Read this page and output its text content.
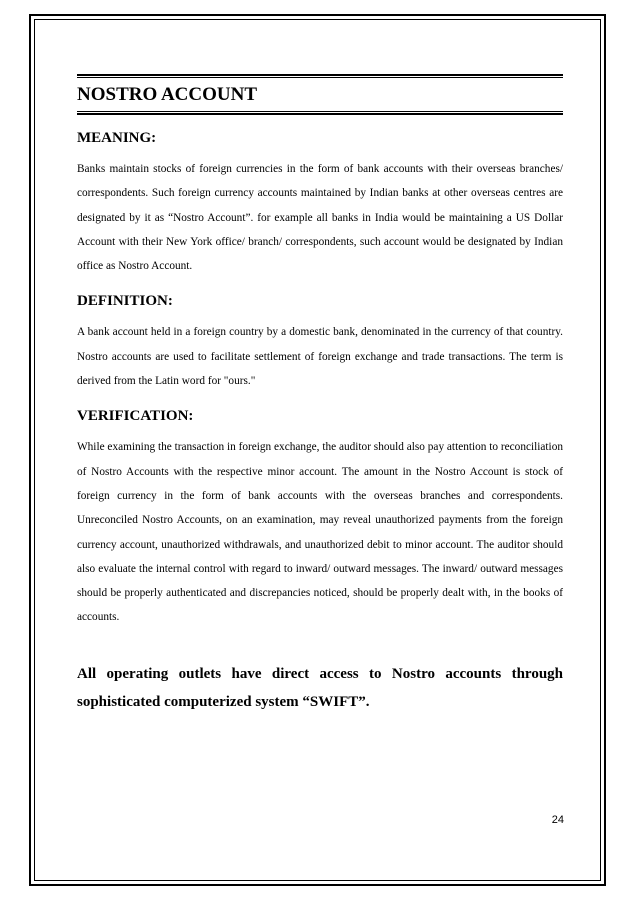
NOSTRO ACCOUNT
MEANING:

Banks maintain stocks of foreign currencies in the form of bank accounts with their overseas branches/ correspondents. Such foreign currency accounts maintained by Indian banks at other overseas centres are designated by it as “Nostro Account”. for example all banks in India would be maintaining a US Dollar Account with their New York office/ branch/ correspondents, such account would be designated by Indian office as Nostro Account.

DEFINITION:

A bank account held in a foreign country by a domestic bank, denominated in the currency of that country. Nostro accounts are used to facilitate settlement of foreign exchange and trade transactions. The term is derived from the Latin word for "ours."

VERIFICATION:

While examining the transaction in foreign exchange, the auditor should also pay attention to reconciliation of Nostro Accounts with the respective minor account. The amount in the Nostro Account is stock of foreign currency in the form of bank accounts with the overseas branches and correspondents. Unreconciled Nostro Accounts, on an examination, may reveal unauthorized payments from the foreign currency account, unauthorized withdrawals, and unauthorized debit to minor account. The auditor should also evaluate the internal control with regard to inward/ outward messages. The inward/ outward messages should be properly authenticated and discrepancies noticed, should be properly dealt with, in the books of accounts.

All operating outlets have direct access to Nostro accounts through sophisticated computerized system “SWIFT”.

24
